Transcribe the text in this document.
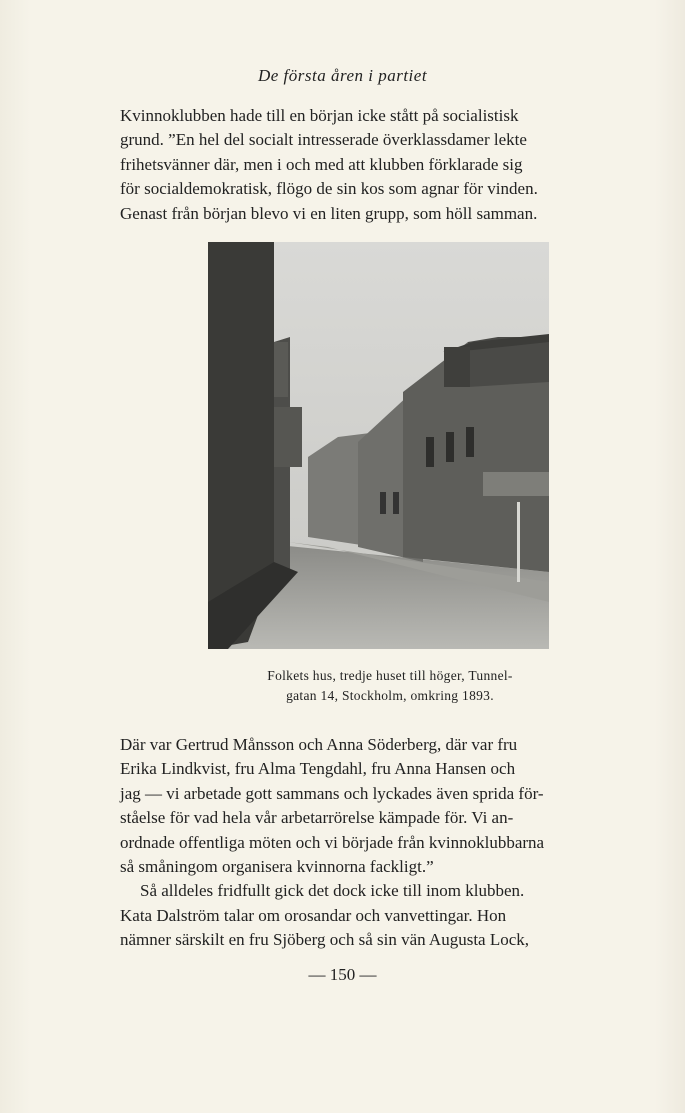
De första åren i partiet

Kvinnoklubben hade till en början icke stått på socialistisk

grund. ”En hel del socialt intresserade överklassdamer lekte

frihetsvänner där, men i och med att klubben förklarade sig

för socialdemokratisk, flögo de sin kos som agnar för vinden.

Genast från början blevo vi en liten grupp, som höll samman.

Folkets hus, tredje huset till höger, Tunnel-
gatan 14, Stockholm, omkring 1893.

Där var Gertrud Månsson och Anna Söderberg, där var fru

Erika Lindkvist, fru Alma Tengdahl, fru Anna Hansen och

jag — vi arbetade gott sammans och lyckades även sprida för-

ståelse för vad hela vår arbetarrörelse kämpade för. Vi an-

ordnade offentliga möten och vi började från kvinnoklubbarna

så småningom organisera kvinnorna fackligt.”

Så alldeles fridfullt gick det dock icke till inom klubben.

Kata Dalström talar om orosandar och vanvettingar. Hon

nämner särskilt en fru Sjöberg och så sin vän Augusta Lock,

— 150 —
